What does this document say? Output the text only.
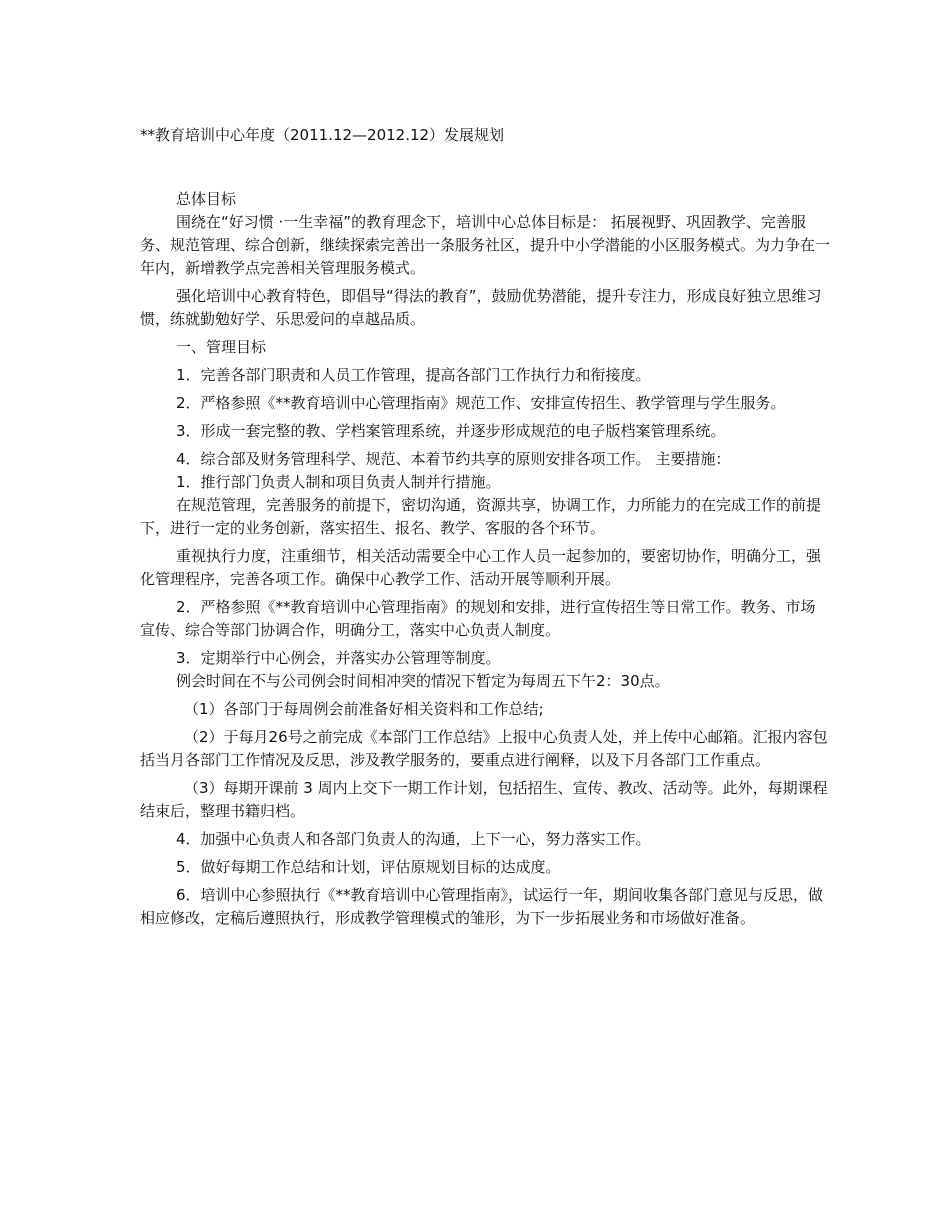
**教育培训中心年度（2011.12—2012.12）发展规划

总体目标

围绕在“好习惯 ·一生幸福”的教育理念下，培训中心总体目标是： 拓展视野、巩固教学、完善服务、规范管理、综合创新，继续探索完善出一条服务社区，提升中小学潜能的小区服务模式。为力争在一年内，新增教学点完善相关管理服务模式。

强化培训中心教育特色，即倡导“得法的教育”，鼓励优势潜能，提升专注力，形成良好独立思维习惯，练就勤勉好学、乐思爱问的卓越品质。

一、管理目标

1．完善各部门职责和人员工作管理，提高各部门工作执行力和衔接度。

2．严格参照《**教育培训中心管理指南》规范工作、安排宣传招生、教学管理与学生服务。

3．形成一套完整的教、学档案管理系统，并逐步形成规范的电子版档案管理系统。

4．综合部及财务管理科学、规范、本着节约共享的原则安排各项工作。 主要措施：

1．推行部门负责人制和项目负责人制并行措施。

在规范管理，完善服务的前提下，密切沟通，资源共享，协调工作，力所能力的在完成工作的前提下，进行一定的业务创新，落实招生、报名、教学、客服的各个环节。

重视执行力度，注重细节，相关活动需要全中心工作人员一起参加的，要密切协作，明确分工，强化管理程序，完善各项工作。确保中心教学工作、活动开展等顺利开展。

2．严格参照《**教育培训中心管理指南》的规划和安排，进行宣传招生等日常工作。教务、市场宣传、综合等部门协调合作，明确分工，落实中心负责人制度。

3．定期举行中心例会，并落实办公管理等制度。

例会时间在不与公司例会时间相冲突的情况下暂定为每周五下午2：30点。

（1）各部门于每周例会前准备好相关资料和工作总结;

（2）于每月26号之前完成《本部门工作总结》上报中心负责人处，并上传中心邮箱。汇报内容包括当月各部门工作情况及反思，涉及教学服务的，要重点进行阐释，以及下月各部门工作重点。

（3）每期开课前 3 周内上交下一期工作计划，包括招生、宣传、教改、活动等。此外，每期课程结束后，整理书籍归档。

4．加强中心负责人和各部门负责人的沟通，上下一心，努力落实工作。

5．做好每期工作总结和计划，评估原规划目标的达成度。

6．培训中心参照执行《**教育培训中心管理指南》，试运行一年，期间收集各部门意见与反思，做相应修改，定稿后遵照执行，形成教学管理模式的雏形，为下一步拓展业务和市场做好准备。
